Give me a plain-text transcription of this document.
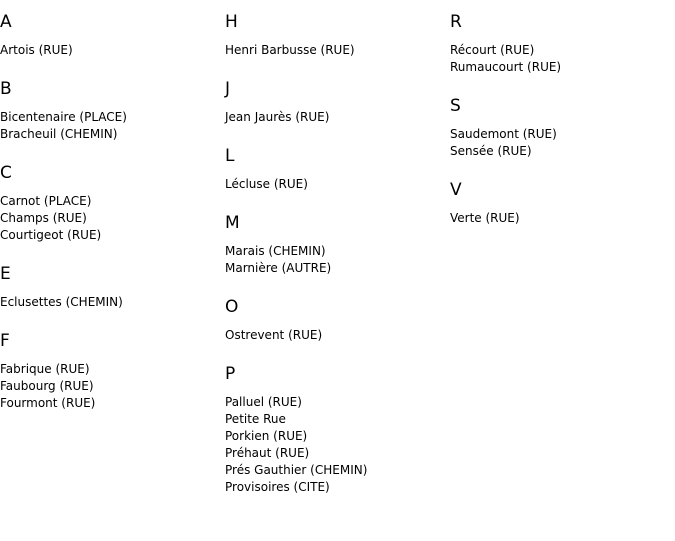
A
Artois (RUE)
B
Bicentenaire (PLACE)
Bracheuil (CHEMIN)
C
Carnot (PLACE)
Champs (RUE)
Courtigeot (RUE)
E
Eclusettes (CHEMIN)
F
Fabrique (RUE)
Faubourg (RUE)
Fourmont (RUE)
H
Henri Barbusse (RUE)
J
Jean Jaurès (RUE)
L
Lécluse (RUE)
M
Marais (CHEMIN)
Marnière (AUTRE)
O
Ostrevent (RUE)
P
Palluel (RUE)
Petite Rue
Porkien (RUE)
Préhaut (RUE)
Prés Gauthier (CHEMIN)
Provisoires (CITE)
R
Récourt (RUE)
Rumaucourt (RUE)
S
Saudemont (RUE)
Sensée (RUE)
V
Verte (RUE)
